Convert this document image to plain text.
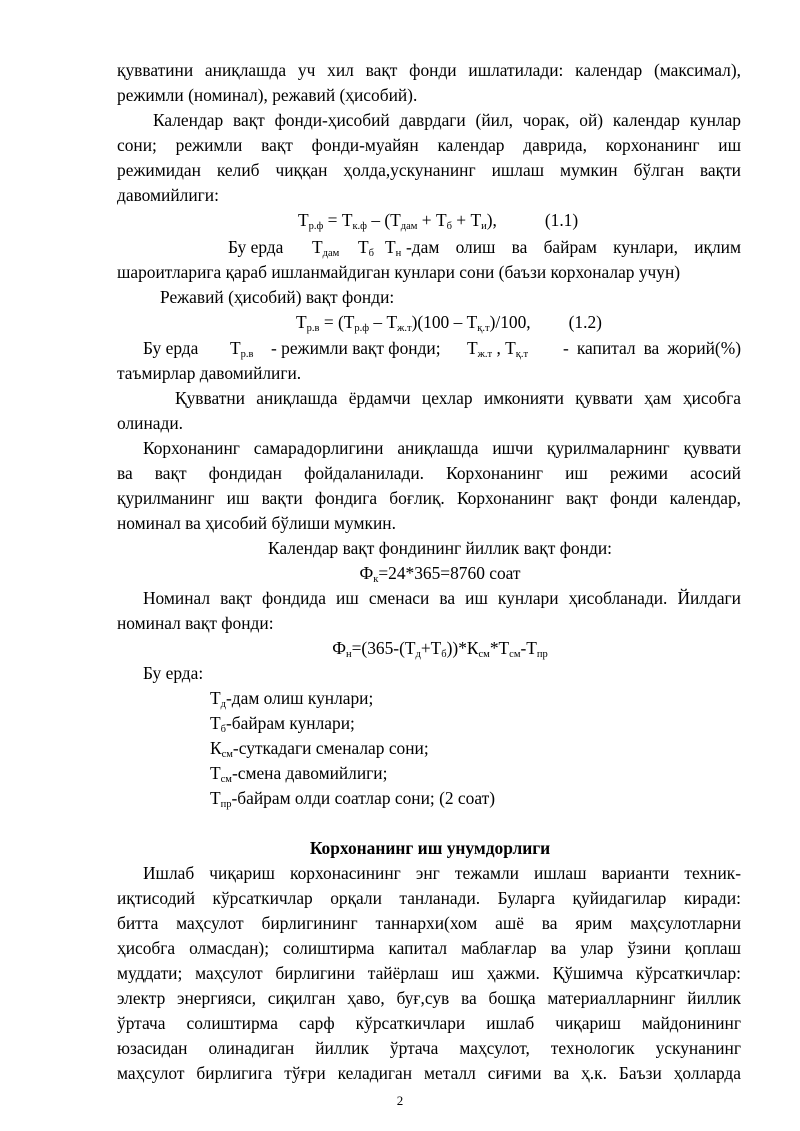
қувватини аниқлашда уч хил вақт фонди ишлатилади: календар (максимал),
режимли (номинал), режавий (ҳисобий).
Календар вақт фонди-ҳисобий даврдаги (йил, чорак, ой) календар кунлар
сони; режимли вақт фонди-муайян календар даврида, корхонанинг иш
режимидан келиб чиққан ҳолда,ускунанинг ишлаш мумкин бўлган вақти
давомийлиги:
$Т_{р.ф} = Т_{к.ф} - (Т_{дам} + Т_б + Т_и)$,	(1.1)
Бу ерда $Т_{дам}$ $Т_б$ $Т_н$ -дам олиш ва байрам кунлари, иқлим
шароитларига қараб ишланмайдиган кунлари сони (баъзи корхоналар учун)
Режавий (ҳисобий) вақт фонди:
$Т_{р.в} = (Т_{р.ф} - Т_{ж.т})(100 - Т_{қ.т})/100$, (1.2)
Бу ерда $Т_{р.в}$ - режимли вақт фонди; $Т_{ж.т}$ , $Т_{қ.т}$ - капитал ва жорий(%)
таъмирлар давомийлиги.
Қувватни аниқлашда ёрдамчи цехлар имконияти қуввати ҳам ҳисобга
олинади.
Корхонанинг самарадорлигини аниқлашда ишчи қурилмаларнинг қуввати
ва вақт фондидан фойдаланилади. Корхонанинг иш режими асосий
қурилманинг иш вақти фондига боғлиқ. Корхонанинг вақт фонди календар,
номинал ва ҳисобий бўлиши мумкин.
Календар вақт фондининг йиллик вақт фонди:
$Ф_к=24*365=8760$ соат
Номинал вақт фондида иш сменаси ва иш кунлари ҳисобланади. Йилдаги
номинал вақт фонди:
$Ф_н=(365-(Т_д+Т_б))*К_{см}*Т_{см}-Т_{пр}$
Бу ерда:
$Т_д$-дам олиш кунлари;
$Т_б$-байрам кунлари;
$К_{см}$-суткадаги сменалар сони;
$Т_{см}$-смена давомийлиги;
$Т_{пр}$-байрам олди соатлар сони; (2 соат)
Корхонанинг иш унумдорлиги
Ишлаб чиқариш корхонасининг энг тежамли ишлаш варианти техник-
иқтисодий кўрсаткичлар орқали танланади. Буларга қуйидагилар киради:
битта маҳсулот бирлигининг таннархи(хом ашё ва ярим маҳсулотларни
ҳисобга олмасдан); солиштирма капитал маблағлар ва улар ўзини қоплаш
муддати; маҳсулот бирлигини тайёрлаш иш ҳажми. Қўшимча кўрсаткичлар:
электр энергияси, сиқилган ҳаво, буғ,сув ва бошқа материалларнинг йиллик
ўртача солиштирма сарф кўрсаткичлари ишлаб чиқариш майдонининг
юзасидан олинадиган йиллик ўртача маҳсулот, технологик ускунанинг
маҳсулот бирлигига тўғри келадиган металл сиғими ва ҳ.к. Баъзи ҳолларда
2
